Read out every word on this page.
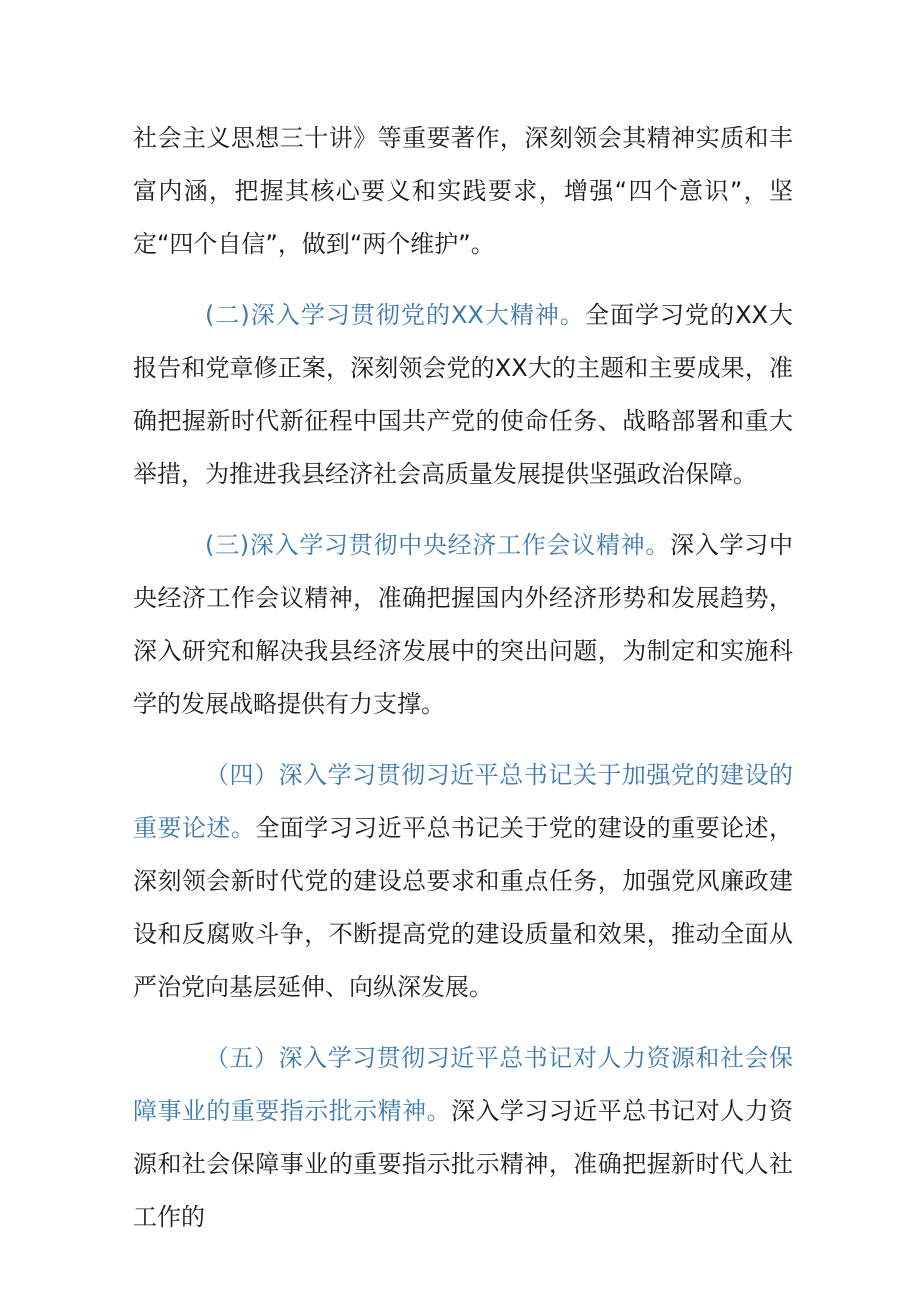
社会主义思想三十讲》等重要著作，深刻领会其精神实质和丰富内涵，把握其核心要义和实践要求，增强“四个意识”，坚定“四个自信”，做到“两个维护”。

(二)深入学习贯彻党的XX大精神。全面学习党的XX大报告和党章修正案，深刻领会党的XX大的主题和主要成果，准确把握新时代新征程中国共产党的使命任务、战略部署和重大举措，为推进我县经济社会高质量发展提供坚强政治保障。

(三)深入学习贯彻中央经济工作会议精神。深入学习中央经济工作会议精神，准确把握国内外经济形势和发展趋势，深入研究和解决我县经济发展中的突出问题，为制定和实施科学的发展战略提供有力支撑。

（四）深入学习贯彻习近平总书记关于加强党的建设的重要论述。全面学习习近平总书记关于党的建设的重要论述，深刻领会新时代党的建设总要求和重点任务，加强党风廉政建设和反腐败斗争，不断提高党的建设质量和效果，推动全面从严治党向基层延伸、向纵深发展。

（五）深入学习贯彻习近平总书记对人力资源和社会保障事业的重要指示批示精神。深入学习习近平总书记对人力资源和社会保障事业的重要指示批示精神，准确把握新时代人社工作的
